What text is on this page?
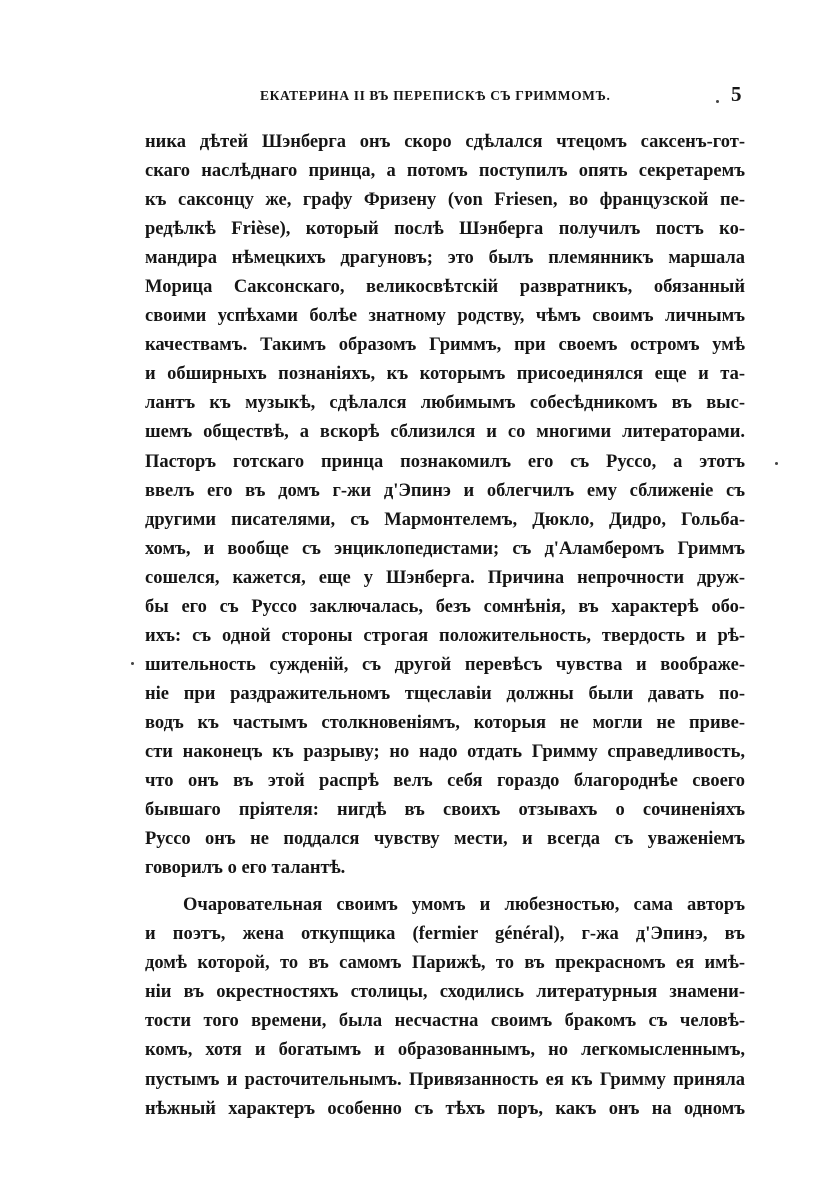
ЕКАТЕРИНА II ВЪ ПЕРЕПИСКѢ СЪ ГРИММОМЪ.	5
ника дѣтей Шэнберга онъ скоро сдѣлался чтецомъ саксенъ-гот-
скаго наслѣднаго принца, а потомъ поступилъ опять секретаремъ
къ саксонцу же, графу Фризену (von Friesen, во французской пе-
редѣлкѣ Frièse), который послѣ Шэнберга получилъ постъ ко-
мандира нѣмецкихъ драгуновъ; это былъ племянникъ маршала
Морица Саксонскаго, великосвѣтскій развратникъ, обязанный
своими успѣхами болѣе знатному родству, чѣмъ своимъ личнымъ
качествамъ. Такимъ образомъ Гриммъ, при своемъ остромъ умѣ
и обширныхъ познаніяхъ, къ которымъ присоединялся еще и та-
лантъ къ музыкѣ, сдѣлался любимымъ собесѣдникомъ въ выс-
шемъ обществѣ, а вскорѣ сблизился и со многими литераторами.
Пасторъ готскаго принца познакомилъ его съ Руссо, а этотъ
ввелъ его въ домъ г-жи д'Эпинэ и облегчилъ ему сближеніе съ
другими писателями, съ Мармонтелемъ, Дюкло, Дидро, Гольба-
хомъ, и вообще съ энциклопедистами; съ д'Аламберомъ Гриммъ
сошелся, кажется, еще у Шэнберга. Причина непрочности друж-
бы его съ Руссо заключалась, безъ сомнѣнія, въ характерѣ обо-
ихъ: съ одной стороны строгая положительность, твердость и рѣ-
шительность сужденій, съ другой перевѣсъ чувства и воображе-
ніе при раздражительномъ тщеславіи должны были давать по-
водъ къ частымъ столкновеніямъ, которыя не могли не приве-
сти наконецъ къ разрыву; но надо отдать Гримму справедливость,
что онъ въ этой распрѣ велъ себя гораздо благороднѣе своего
бывшаго пріятеля: нигдѣ въ своихъ отзывахъ о сочиненіяхъ
Руссо онъ не поддался чувству мести, и всегда съ уваженіемъ
говорилъ о его талантѣ.
Очаровательная своимъ умомъ и любезностью, сама авторъ
и поэтъ, жена откупщика (fermier général), г-жа д'Эпинэ, въ
домѣ которой, то въ самомъ Парижѣ, то въ прекрасномъ ея имѣ-
ніи въ окрестностяхъ столицы, сходились литературныя знамени-
тости того времени, была несчастна своимъ бракомъ съ человѣ-
комъ, хотя и богатымъ и образованнымъ, но легкомысленнымъ,
пустымъ и расточительнымъ. Привязанность ея къ Гримму приняла
нѣжный характеръ особенно съ тѣхъ поръ, какъ онъ на одномъ
